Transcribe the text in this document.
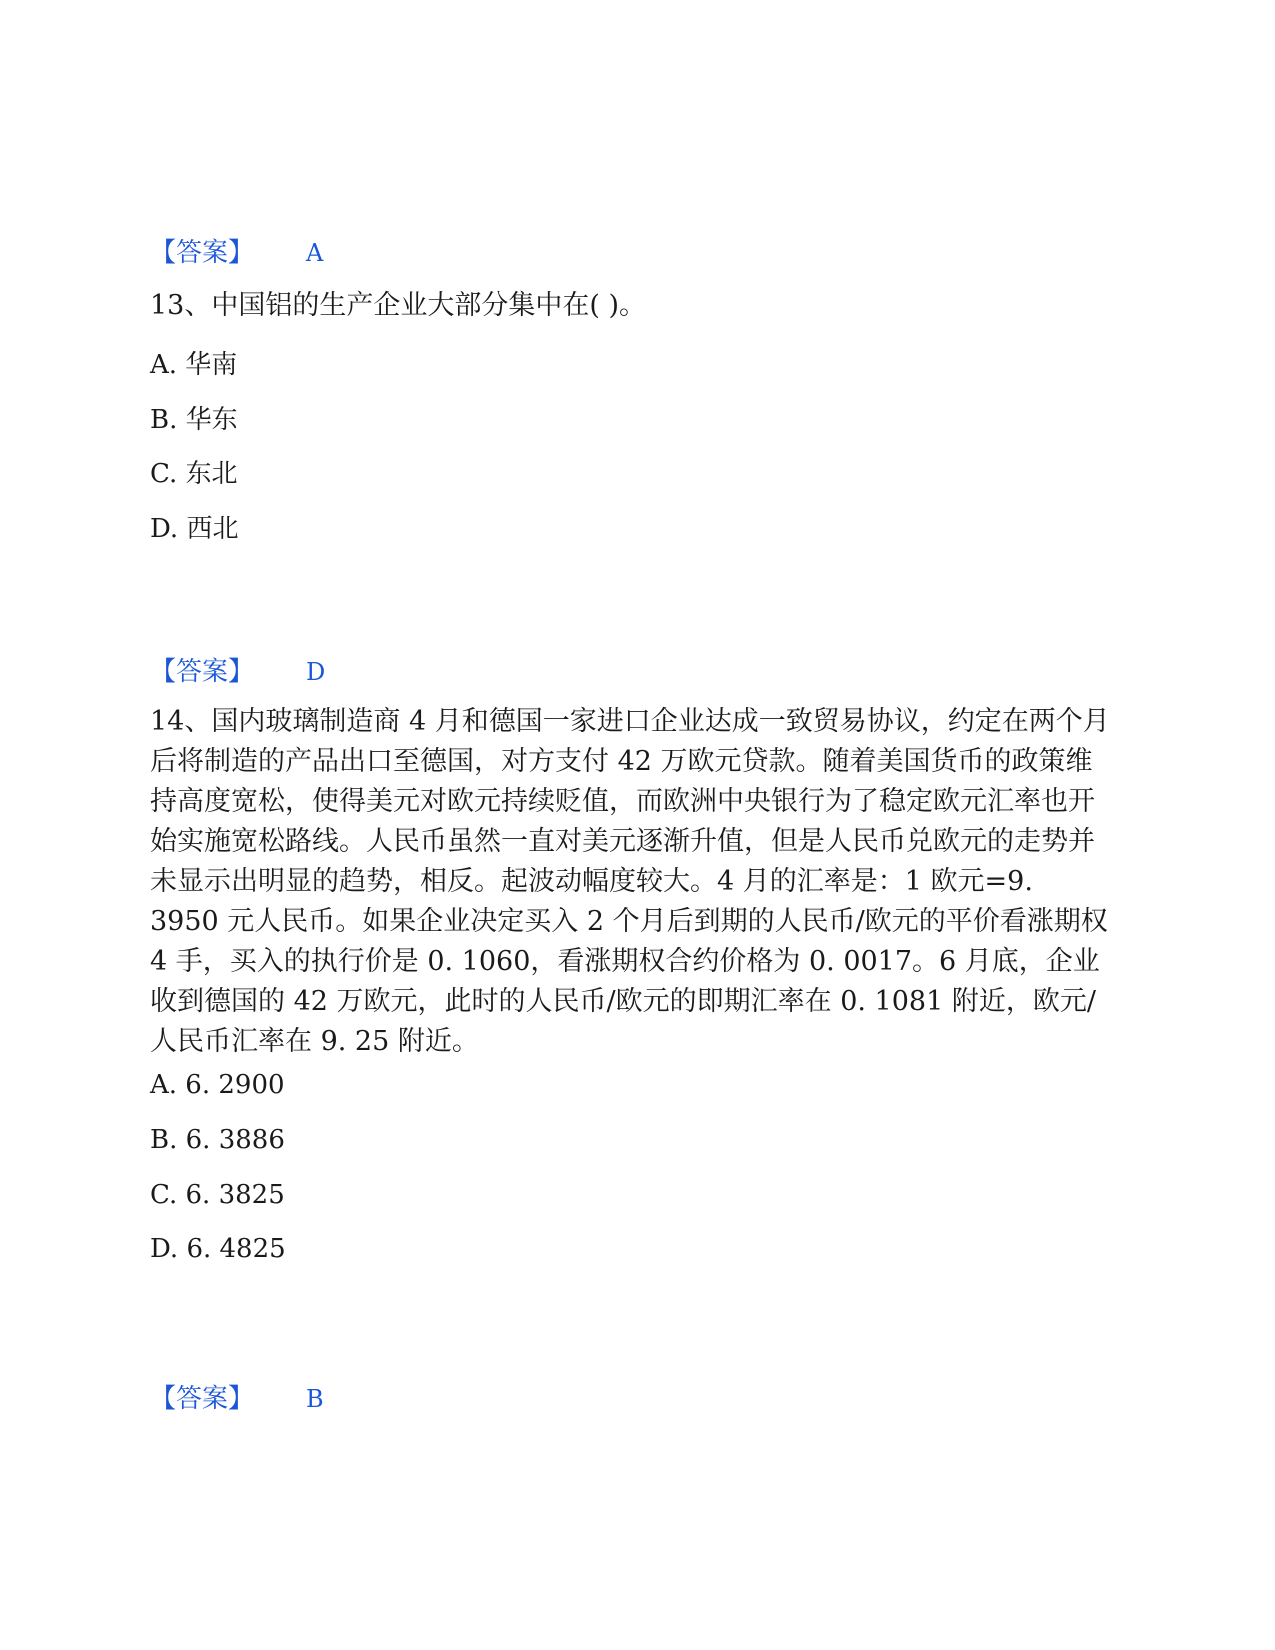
【答案】 A

13、中国铝的生产企业大部分集中在( )。

A. 华南

B. 华东

C. 东北

D. 西北

【答案】 D

14、国内玻璃制造商 4 月和德国一家进口企业达成一致贸易协议，约定在两个月后将制造的产品出口至德国，对方支付 42 万欧元贷款。随着美国货币的政策维持高度宽松，使得美元对欧元持续贬值，而欧洲中央银行为了稳定欧元汇率也开始实施宽松路线。人民币虽然一直对美元逐渐升值，但是人民币兑欧元的走势并未显示出明显的趋势，相反。起波动幅度较大。4 月的汇率是：1 欧元=9. 3950 元人民币。如果企业决定买入 2 个月后到期的人民币/欧元的平价看涨期权 4 手，买入的执行价是 0. 1060，看涨期权合约价格为 0. 0017。6 月底，企业收到德国的 42 万欧元，此时的人民币/欧元的即期汇率在 0. 1081 附近，欧元/人民币汇率在 9. 25 附近。

A. 6. 2900

B. 6. 3886

C. 6. 3825

D. 6. 4825

【答案】 B
